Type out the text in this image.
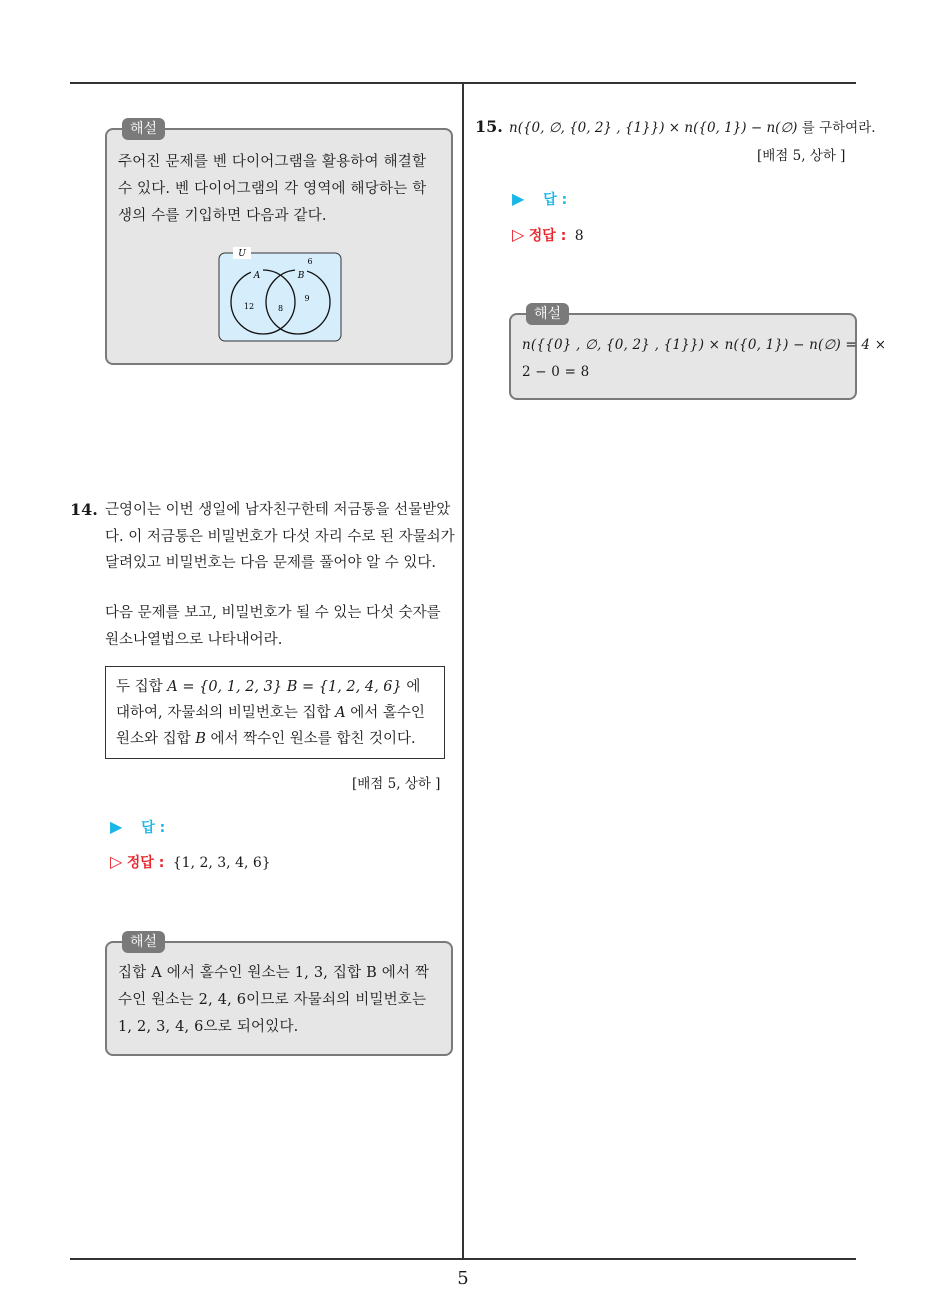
해설
주어진 문제를 벤 다이어그램을 활용하여 해결할 수 있다. 벤 다이어그램의 각 영역에 해당하는 학생의 수를 기입하면 다음과 같다.
U
A	B
6
12	8
9
14. 근영이는 이번 생일에 남자친구한테 저금통을 선물받았다. 이 저금통은 비밀번호가 다섯 자리 수로 된 자물쇠가 달려있고 비밀번호는 다음 문제를 풀어야 알 수 있다.
다음 문제를 보고, 비밀번호가 될 수 있는 다섯 숫자를 원소나열법으로 나타내어라.
두 집합 A = {0, 1, 2, 3} B = {1, 2, 4, 6} 에 대하여, 자물쇠의 비밀번호는 집합 A 에서 홀수인 원소와 집합 B 에서 짝수인 원소를 합친 것이다.
[배점 5, 상하 ]
▶ 답 :
▷ 정답 : {1, 2, 3, 4, 6}
해설
집합 A 에서 홀수인 원소는 1, 3, 집합 B 에서 짝수인 원소는 2, 4, 6이므로 자물쇠의 비밀번호는 1, 2, 3, 4, 6으로 되어있다.
15. n({0, ∅, {0, 2} , {1}}) × n({0, 1}) − n(∅) 를 구하여라.
[배점 5, 상하 ]
▶ 답 :
▷ 정답 : 8
해설
n({{0} , ∅, {0, 2} , {1}}) × n({0, 1}) − n(∅) = 4 ×
2 − 0 = 8
5
